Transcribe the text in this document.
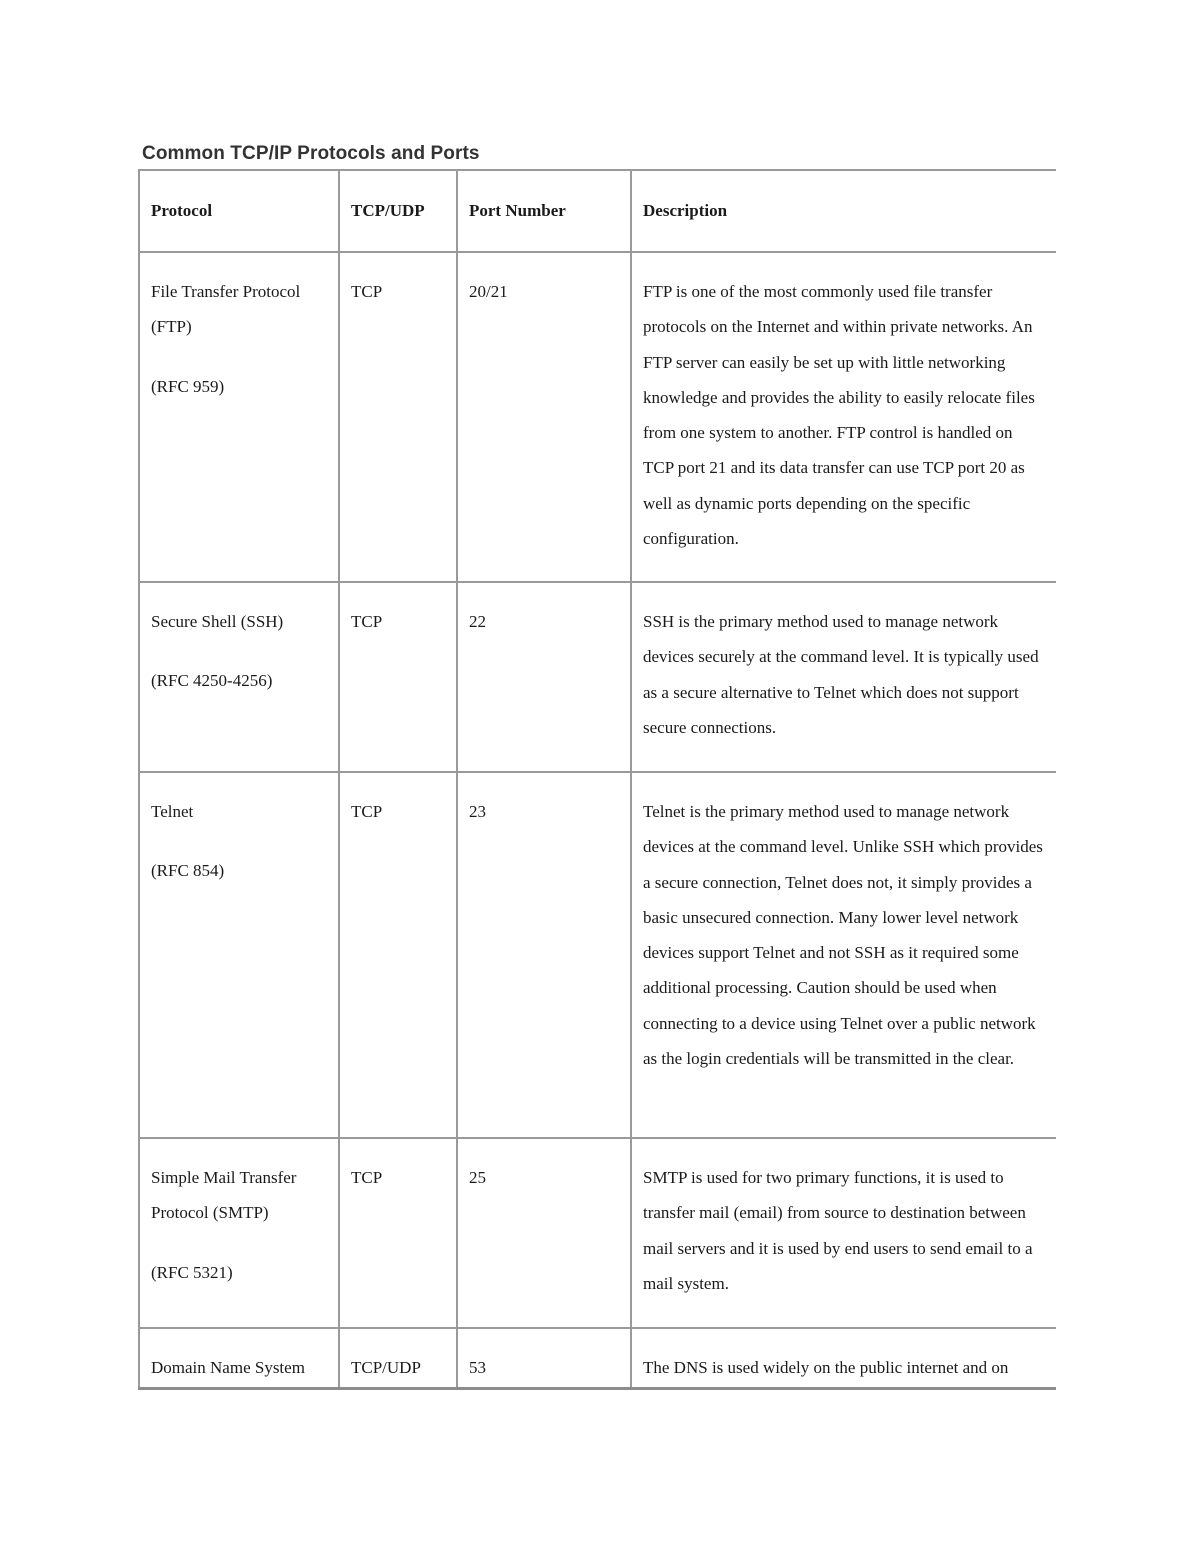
Common TCP/IP Protocols and Ports
Protocol	TCP/UDP	Port Number	Description
File Transfer Protocol (FTP)
(RFC 959)	TCP	20/21	FTP is one of the most commonly used file transfer protocols on the Internet and within private networks. An FTP server can easily be set up with little networking knowledge and provides the ability to easily relocate files from one system to another. FTP control is handled on TCP port 21 and its data transfer can use TCP port 20 as well as dynamic ports depending on the specific configuration.
Secure Shell (SSH)
(RFC 4250-4256)	TCP	22	SSH is the primary method used to manage network devices securely at the command level. It is typically used as a secure alternative to Telnet which does not support secure connections.
Telnet
(RFC 854)	TCP	23	Telnet is the primary method used to manage network devices at the command level. Unlike SSH which provides a secure connection, Telnet does not, it simply provides a basic unsecured connection. Many lower level network devices support Telnet and not SSH as it required some additional processing. Caution should be used when connecting to a device using Telnet over a public network as the login credentials will be transmitted in the clear.
Simple Mail Transfer Protocol (SMTP)
(RFC 5321)	TCP	25	SMTP is used for two primary functions, it is used to transfer mail (email) from source to destination between mail servers and it is used by end users to send email to a mail system.
Domain Name System	TCP/UDP	53	The DNS is used widely on the public internet and on
